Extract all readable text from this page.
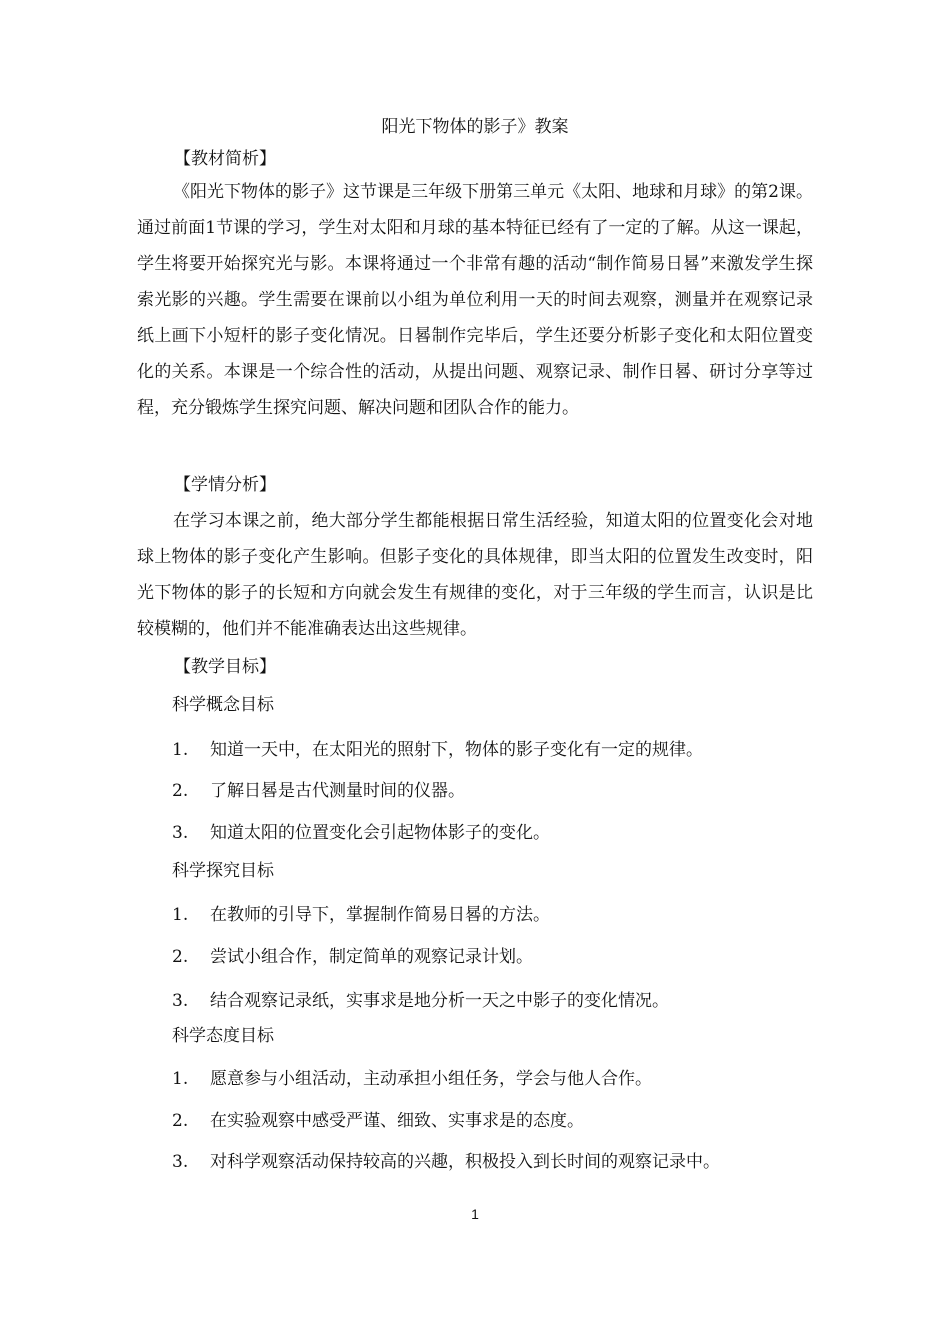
阳光下物体的影子》教案
【教材简析】

《阳光下物体的影子》这节课是三年级下册第三单元《太阳、地球和月球》的第2课。通过前面1节课的学习，学生对太阳和月球的基本特征已经有了一定的了解。从这一课起，学生将要开始探究光与影。本课将通过一个非常有趣的活动“制作简易日晷”来激发学生探索光影的兴趣。学生需要在课前以小组为单位利用一天的时间去观察，测量并在观察记录纸上画下小短杆的影子变化情况。日晷制作完毕后，学生还要分析影子变化和太阳位置变化的关系。本课是一个综合性的活动，从提出问题、观察记录、制作日晷、研讨分享等过程，充分锻炼学生探究问题、解决问题和团队合作的能力。

【学情分析】

在学习本课之前，绝大部分学生都能根据日常生活经验，知道太阳的位置变化会对地球上物体的影子变化产生影响。但影子变化的具体规律，即当太阳的位置发生改变时，阳光下物体的影子的长短和方向就会发生有规律的变化，对于三年级的学生而言，认识是比较模糊的，他们并不能准确表达出这些规律。

【教学目标】
科学概念目标
1. 知道一天中，在太阳光的照射下，物体的影子变化有一定的规律。
2. 了解日晷是古代测量时间的仪器。
3. 知道太阳的位置变化会引起物体影子的变化。
科学探究目标
1. 在教师的引导下，掌握制作简易日晷的方法。
2. 尝试小组合作，制定简单的观察记录计划。
3. 结合观察记录纸，实事求是地分析一天之中影子的变化情况。
科学态度目标
1. 愿意参与小组活动，主动承担小组任务，学会与他人合作。
2. 在实验观察中感受严谨、细致、实事求是的态度。
3. 对科学观察活动保持较高的兴趣，积极投入到长时间的观察记录中。
1
